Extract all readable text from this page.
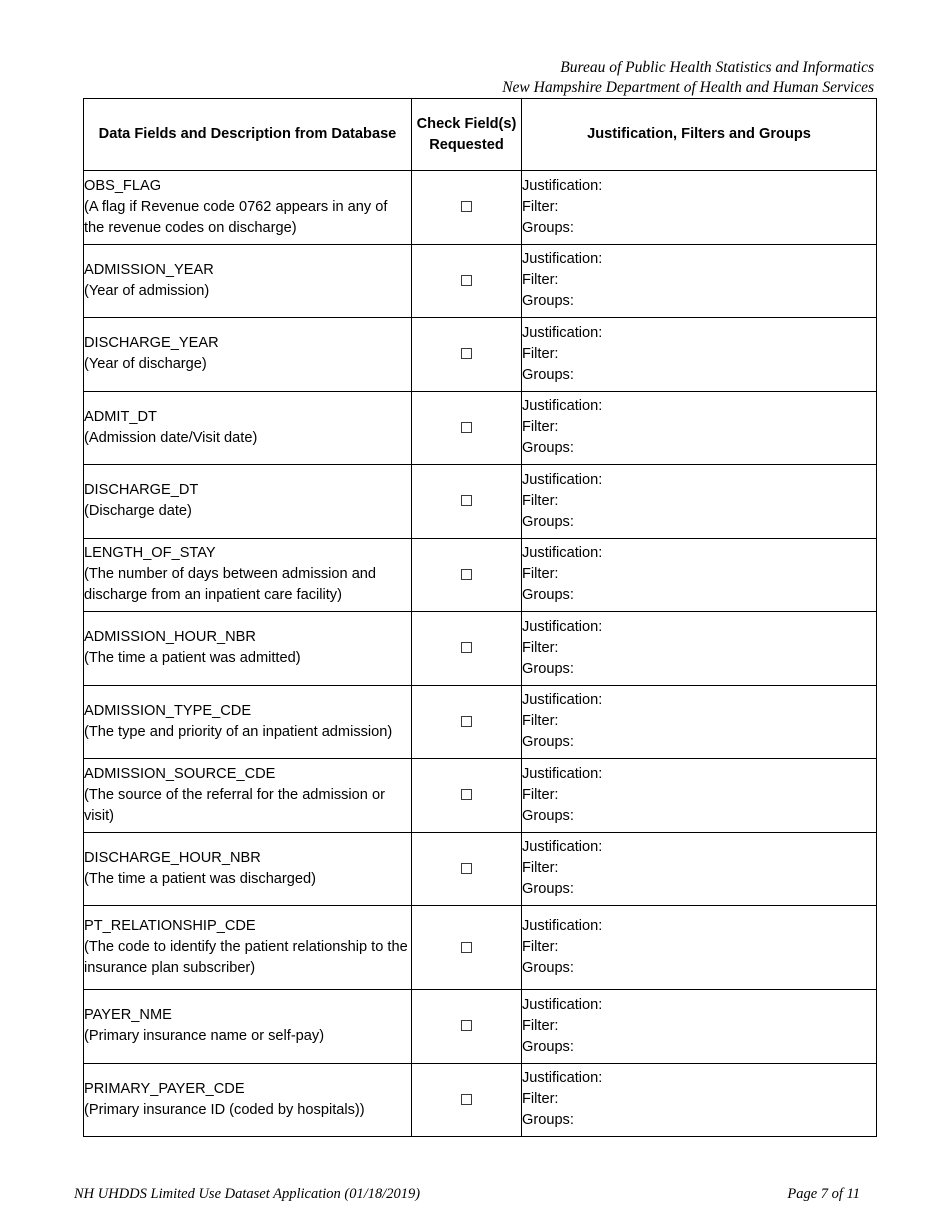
Bureau of Public Health Statistics and Informatics
New Hampshire Department of Health and Human Services
Data Fields and Description from Database	Check Field(s) Requested	Justification, Filters and Groups

OBS_FLAG
(A flag if Revenue code 0762 appears in any of the revenue codes on discharge)		Justification:
Filter:
Groups:

ADMISSION_YEAR
(Year of admission)		Justification:
Filter:
Groups:

DISCHARGE_YEAR
(Year of discharge)		Justification:
Filter:
Groups:

ADMIT_DT
(Admission date/Visit date)		Justification:
Filter:
Groups:

DISCHARGE_DT
(Discharge date)		Justification:
Filter:
Groups:

LENGTH_OF_STAY
(The number of days between admission and discharge from an inpatient care facility)		Justification:
Filter:
Groups:

ADMISSION_HOUR_NBR
(The time a patient was admitted)		Justification:
Filter:
Groups:

ADMISSION_TYPE_CDE
(The type and priority of an inpatient admission)		Justification:
Filter:
Groups:

ADMISSION_SOURCE_CDE
(The source of the referral for the admission or visit)		Justification:
Filter:
Groups:

DISCHARGE_HOUR_NBR
(The time a patient was discharged)		Justification:
Filter:
Groups:

PT_RELATIONSHIP_CDE
(The code to identify the patient relationship to the insurance plan subscriber)		Justification:
Filter:
Groups:

PAYER_NME
(Primary insurance name or self-pay)		Justification:
Filter:
Groups:

PRIMARY_PAYER_CDE
(Primary insurance ID (coded by hospitals))		Justification:
Filter:
Groups:
NH UHDDS Limited Use Dataset Application (01/18/2019)	Page 7 of 11
